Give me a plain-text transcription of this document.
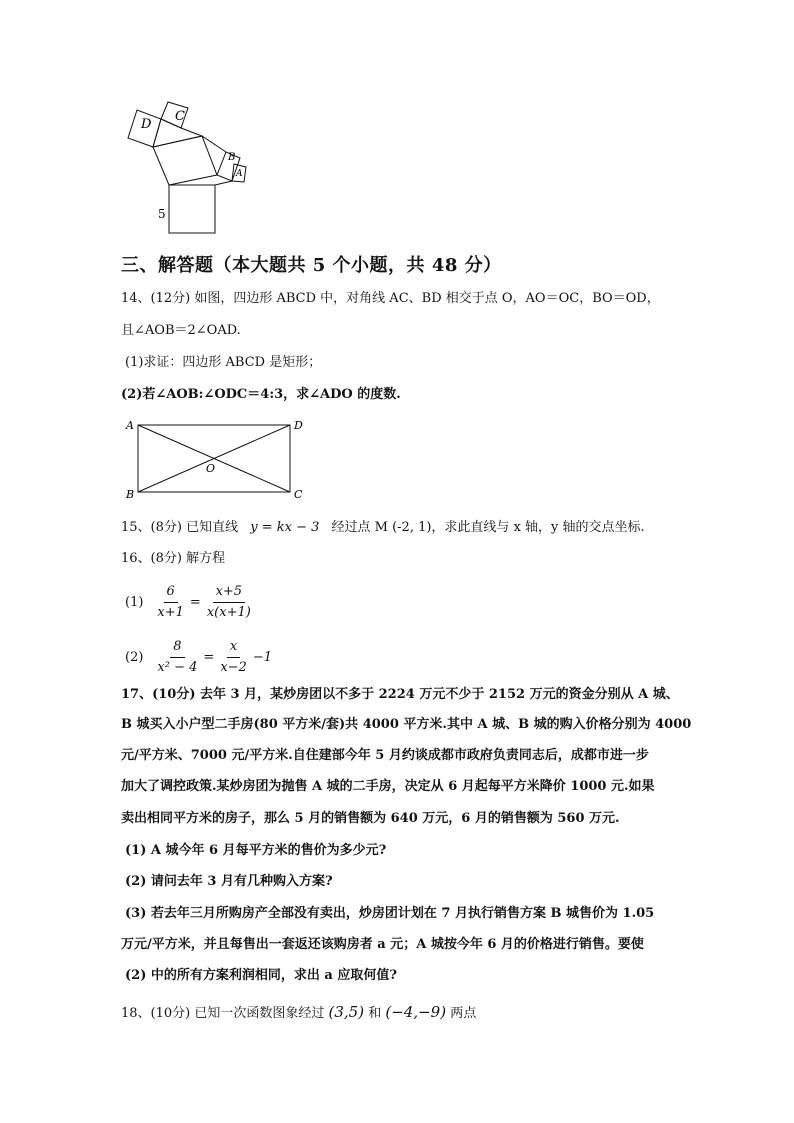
D
C
B
A
5
三、解答题（本大题共 5 个小题，共 48 分）
14、(12分) 如图，四边形 ABCD 中，对角线 AC、BD 相交于点 O，AO＝OC，BO＝OD，
且∠AOB＝2∠OAD.
(1)求证：四边形 ABCD 是矩形；
(2)若∠AOB:∠ODC＝4:3，求∠ADO 的度数.
A	D
B	C
O
15、(8分) 已知直线 y = kx − 3 经过点 M (-2, 1)，求此直线与 x 轴，y 轴的交点坐标.
16、(8分) 解方程
$(1) \frac{6}{x+1} = \frac{x+5}{x(x+1)}$
$(2) \frac{8}{\text{x² − 4}} = \frac{x}{x-2} -1$
17、(10分) 去年 3 月，某炒房团以不多于 2224 万元不少于 2152 万元的资金分别从 A 城、
B 城买入小户型二手房(80 平方米/套)共 4000 平方米.其中 A 城、B 城的购入价格分别为 4000
元/平方米、7000 元/平方米.自住建部今年 5 月约谈成都市政府负责同志后，成都市进一步
加大了调控政策.某炒房团为抛售 A 城的二手房，决定从 6 月起每平方米降价 1000 元.如果
卖出相同平方米的房子，那么 5 月的销售额为 640 万元，6 月的销售额为 560 万元.
(1) A 城今年 6 月每平方米的售价为多少元?
(2) 请问去年 3 月有几种购入方案?
(3) 若去年三月所购房产全部没有卖出，炒房团计划在 7 月执行销售方案 B 城售价为 1.05
万元/平方米，并且每售出一套返还该购房者 a 元；A 城按今年 6 月的价格进行销售。要使
(2) 中的所有方案利润相同，求出 a 应取何值?
18、(10分) 已知一次函数图象经过 (3,5) 和 (−4,−9) 两点
